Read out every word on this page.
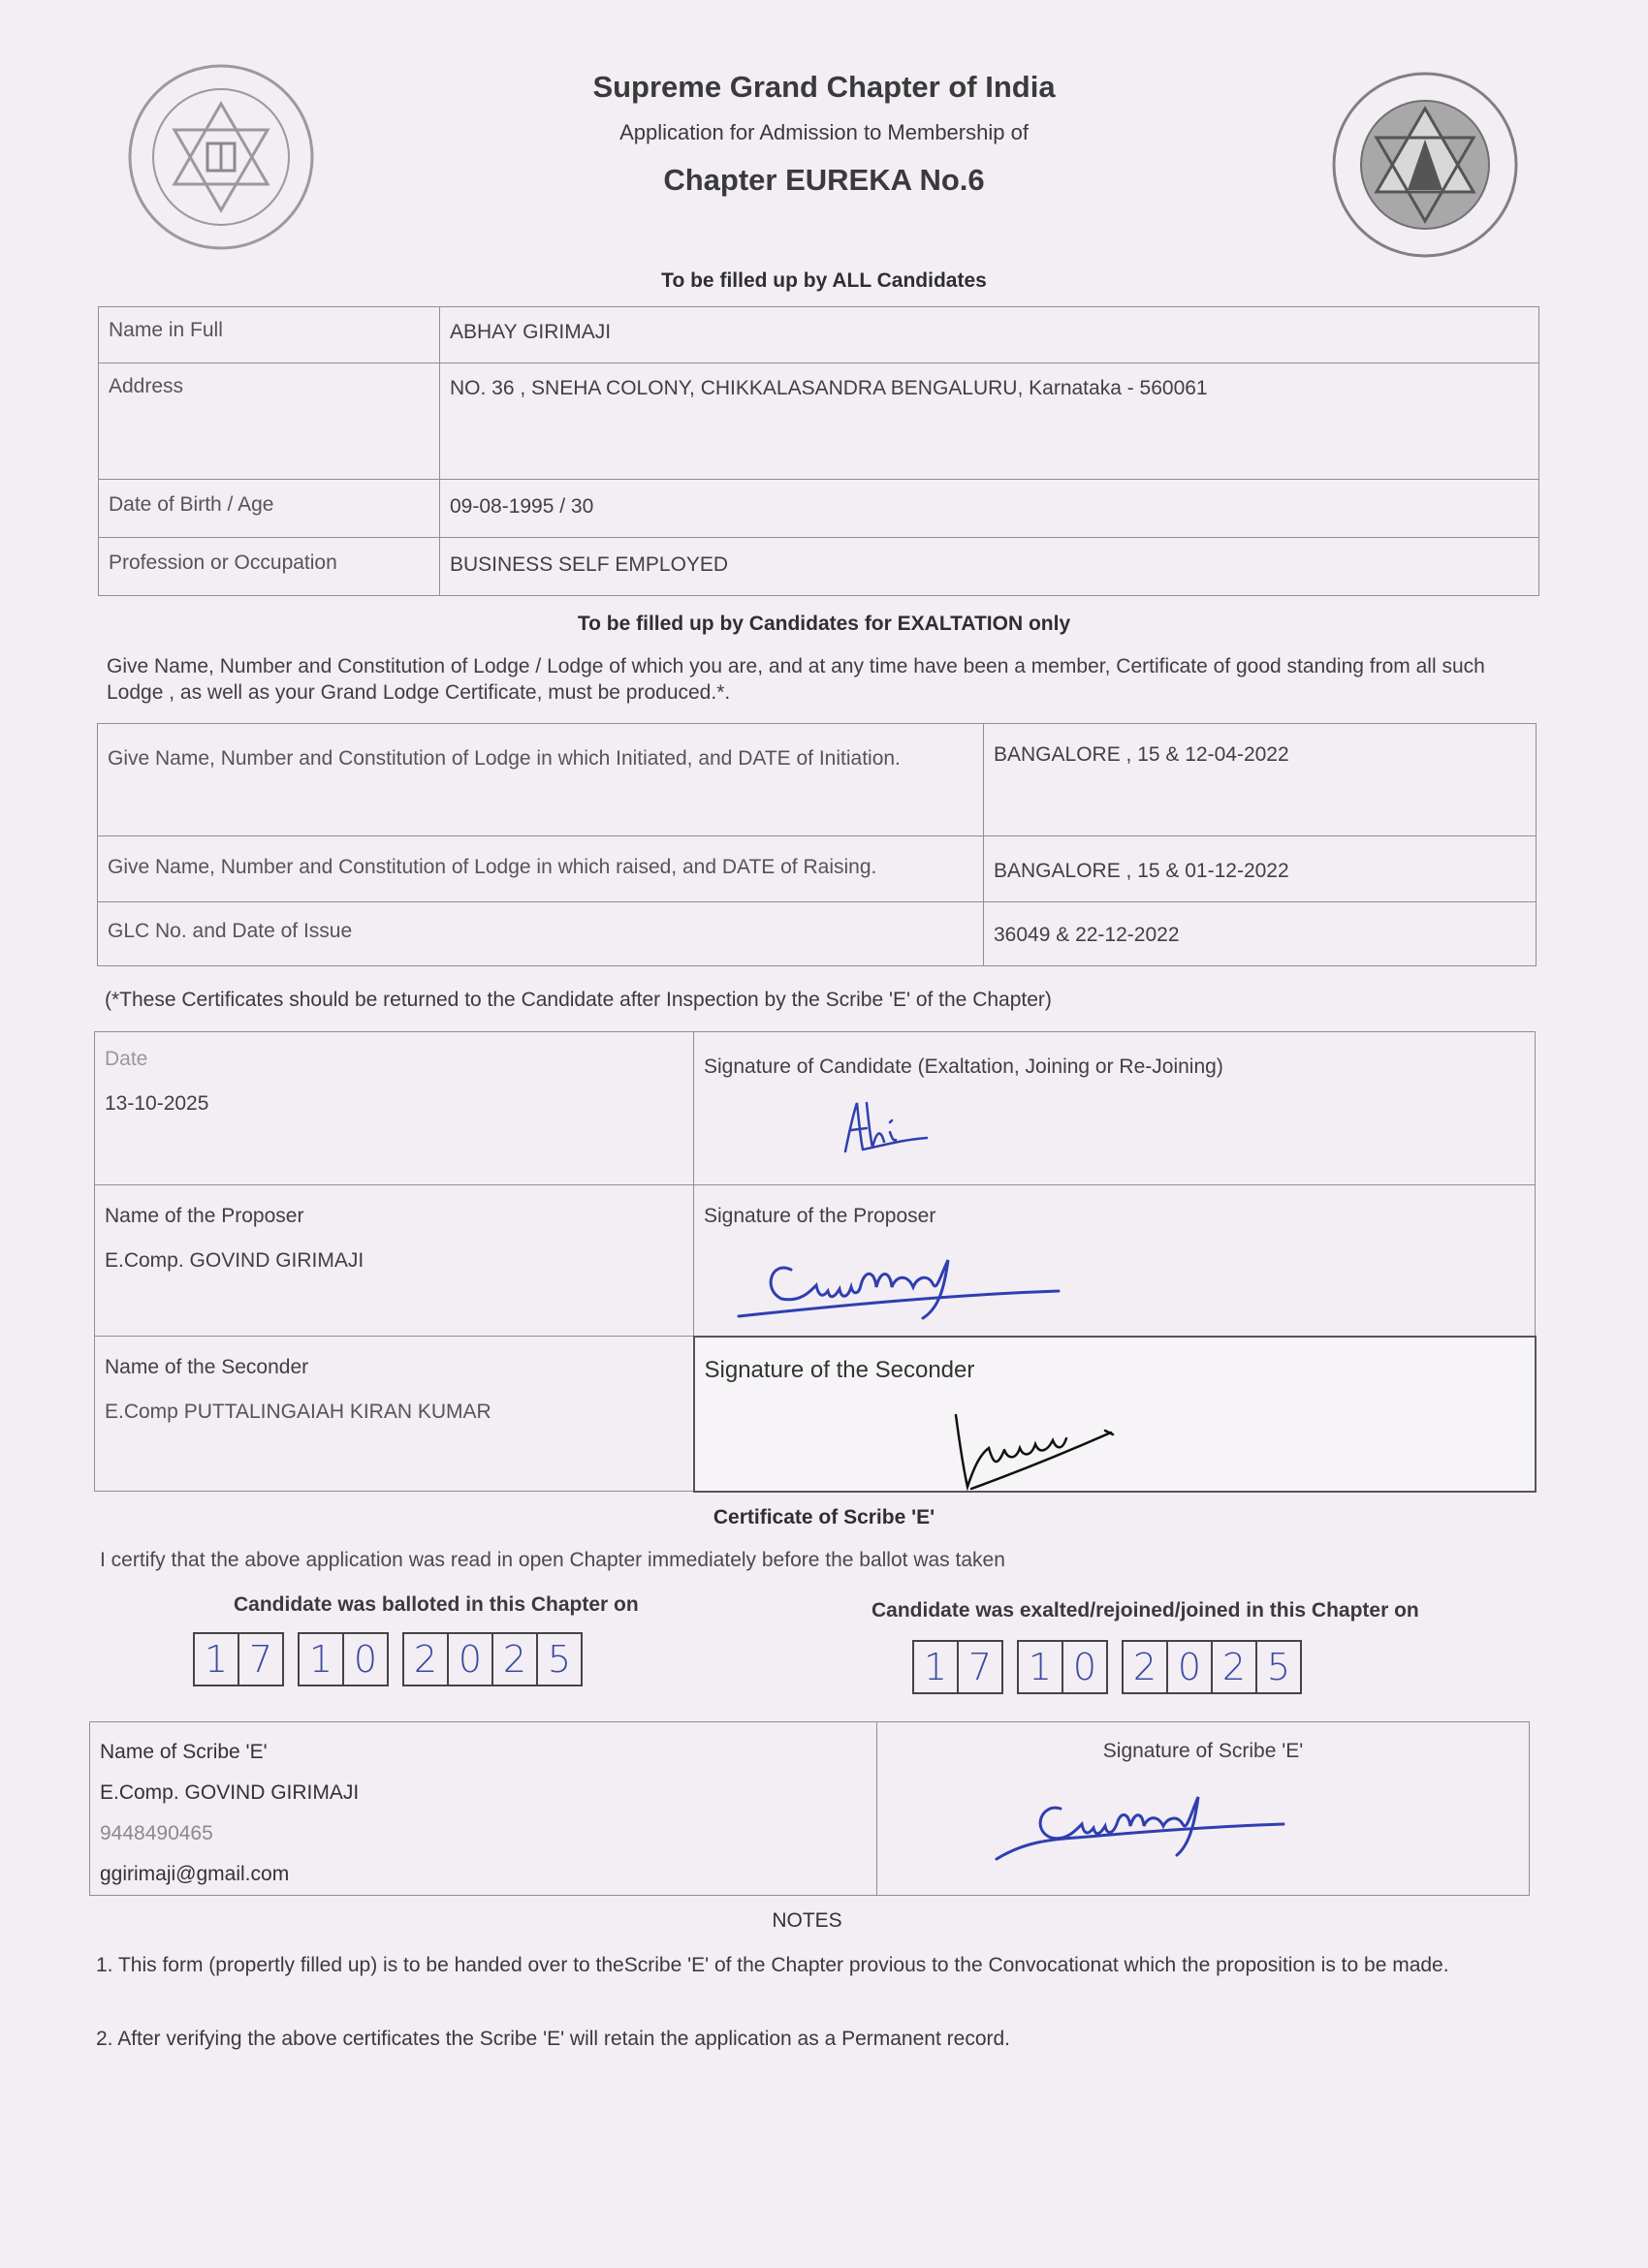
Supreme Grand Chapter of India
Application for Admission to Membership of
Chapter EUREKA No.6
To be filled up by ALL Candidates
Name in Full	ABHAY GIRIMAJI
Address	NO. 36 , SNEHA COLONY, CHIKKALASANDRA BENGALURU, Karnataka - 560061
Date of Birth / Age	09-08-1995 / 30
Profession or Occupation	BUSINESS SELF EMPLOYED
To be filled up by Candidates for EXALTATION only
Give Name, Number and Constitution of Lodge / Lodge of which you are, and at any time have been a member, Certificate of good standing from all such Lodge , as well as your Grand Lodge Certificate, must be produced.*.
Give Name, Number and Constitution of Lodge in which Initiated, and DATE of Initiation.	BANGALORE , 15 & 12-04-2022
Give Name, Number and Constitution of Lodge in which raised, and DATE of Raising.	BANGALORE , 15 & 01-12-2022
GLC No. and Date of Issue	36049 & 22-12-2022
(*These Certificates should be returned to the Candidate after Inspection by the Scribe 'E' of the Chapter)
Date
13-10-2025	Signature of Candidate (Exaltation, Joining or Re-Joining)

Name of the Proposer
E.Comp. GOVIND GIRIMAJI	Signature of the Proposer

Name of the Seconder
E.Comp PUTTALINGAIAH KIRAN KUMAR	Signature of the Seconder
Certificate of Scribe 'E'
I certify that the above application was read in open Chapter immediately before the ballot was taken
Candidate was balloted in this Chapter on	Candidate was exalted/rejoined/joined in this Chapter on
1 7 1 0 2 0 2 5	1 7 1 0 2 0 2 5
Name of Scribe 'E'
E.Comp. GOVIND GIRIMAJI
9448490465
ggirimaji@gmail.com
	Signature of Scribe 'E'
NOTES
1. This form (propertly filled up) is to be handed over to theScribe 'E' of the Chapter provious to the Convocationat which the proposition is to be made.
2. After verifying the above certificates the Scribe 'E' will retain the application as a Permanent record.
